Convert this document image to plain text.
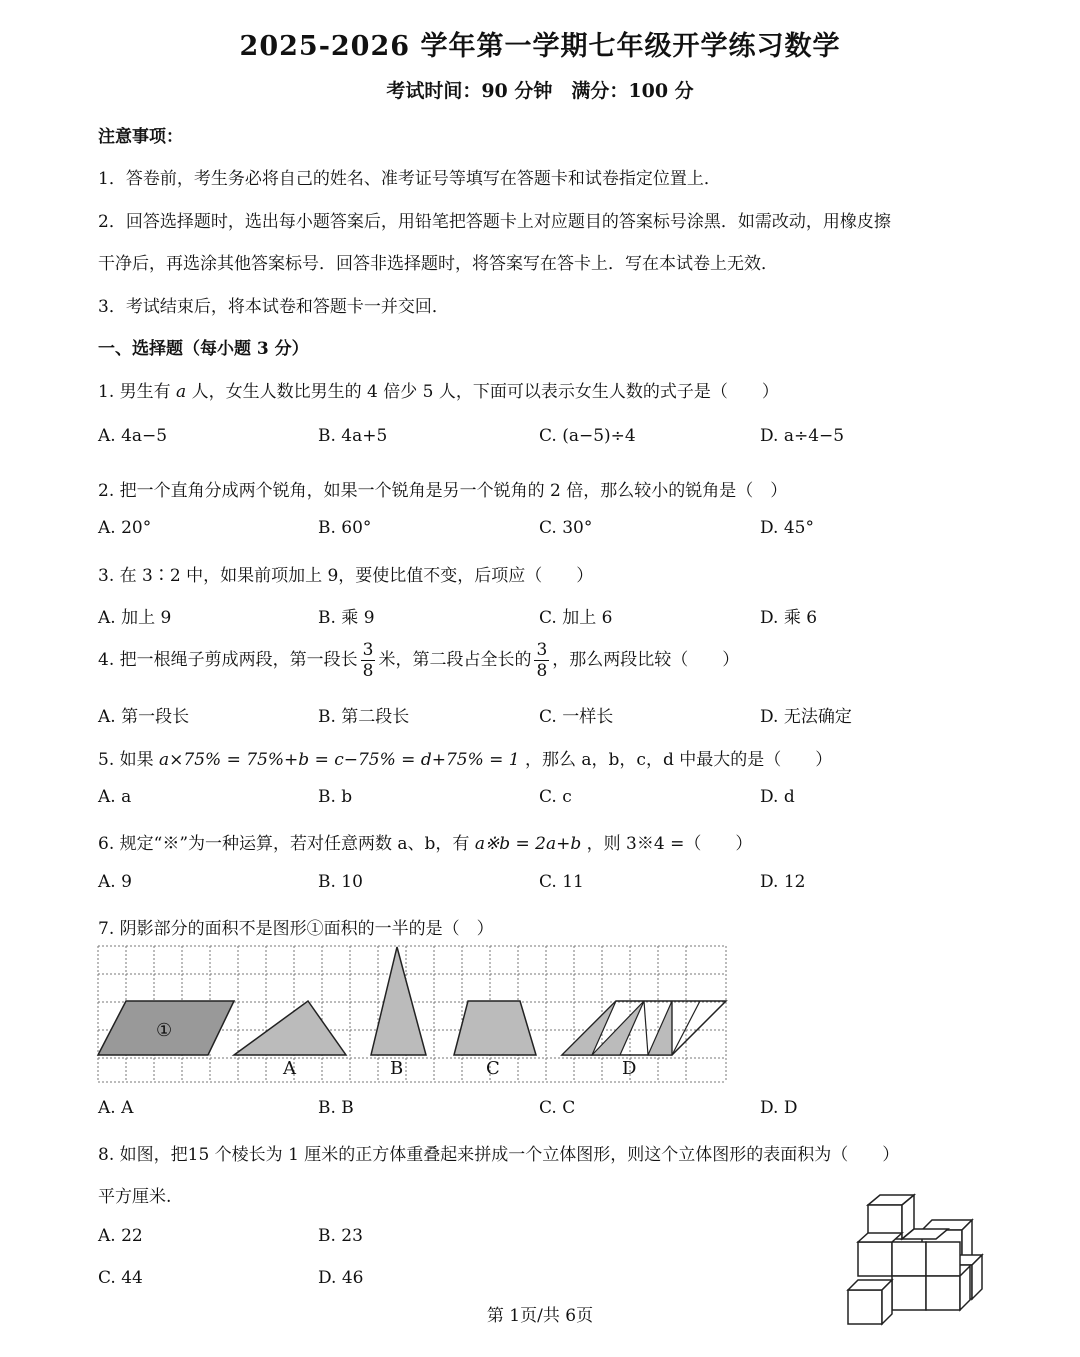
2025-2026 学年第一学期七年级开学练习数学
考试时间：90 分钟　满分：100 分
注意事项：
1．答卷前，考生务必将自己的姓名、准考证号等填写在答题卡和试卷指定位置上．
2．回答选择题时，选出每小题答案后，用铅笔把答题卡上对应题目的答案标号涂黑．如需改动，用橡皮擦
干净后，再选涂其他答案标号．回答非选择题时，将答案写在答卡上．写在本试卷上无效．
3．考试结束后，将本试卷和答题卡一并交回．
一、选择题（每小题 3 分）
1. 男生有 a 人，女生人数比男生的 4 倍少 5 人，下面可以表示女生人数的式子是（　　）
A. 4a−5	B. 4a+5	C. (a−5)÷4	D. a÷4−5
2. 把一个直角分成两个锐角，如果一个锐角是另一个锐角的 2 倍，那么较小的锐角是（　）
A. 20°	B. 60°	C. 30°	D. 45°
3. 在 3∶2 中，如果前项加上 9，要使比值不变，后项应（　　）
A. 加上 9	B. 乘 9	C. 加上 6	D. 乘 6
4. 把一根绳子剪成两段，第一段长 $\frac{3}{8}$ 米，第二段占全长的 $\frac{3}{8}$ ，那么两段比较（　　）
A. 第一段长	B. 第二段长	C. 一样长	D. 无法确定
5. 如果 a×75% = 75%+b = c−75% = d+75% = 1 ，那么 a，b，c，d 中最大的是（　　）
A. a	B. b	C. c	D. d
6. 规定“※”为一种运算，若对任意两数 a、b，有 a※b = 2a+b ，则 3※4 =（　　）
A. 9	B. 10	C. 11	D. 12
7. 阴影部分的面积不是图形①面积的一半的是（　）
①
A	B	C	D
A. A	B. B	C. C	D. D
8. 如图，把15 个棱长为 1 厘米的正方体重叠起来拼成一个立体图形，则这个立体图形的表面积为（　　）
平方厘米.
A. 22	B. 23
C. 44	D. 46
第 1页/共 6页
